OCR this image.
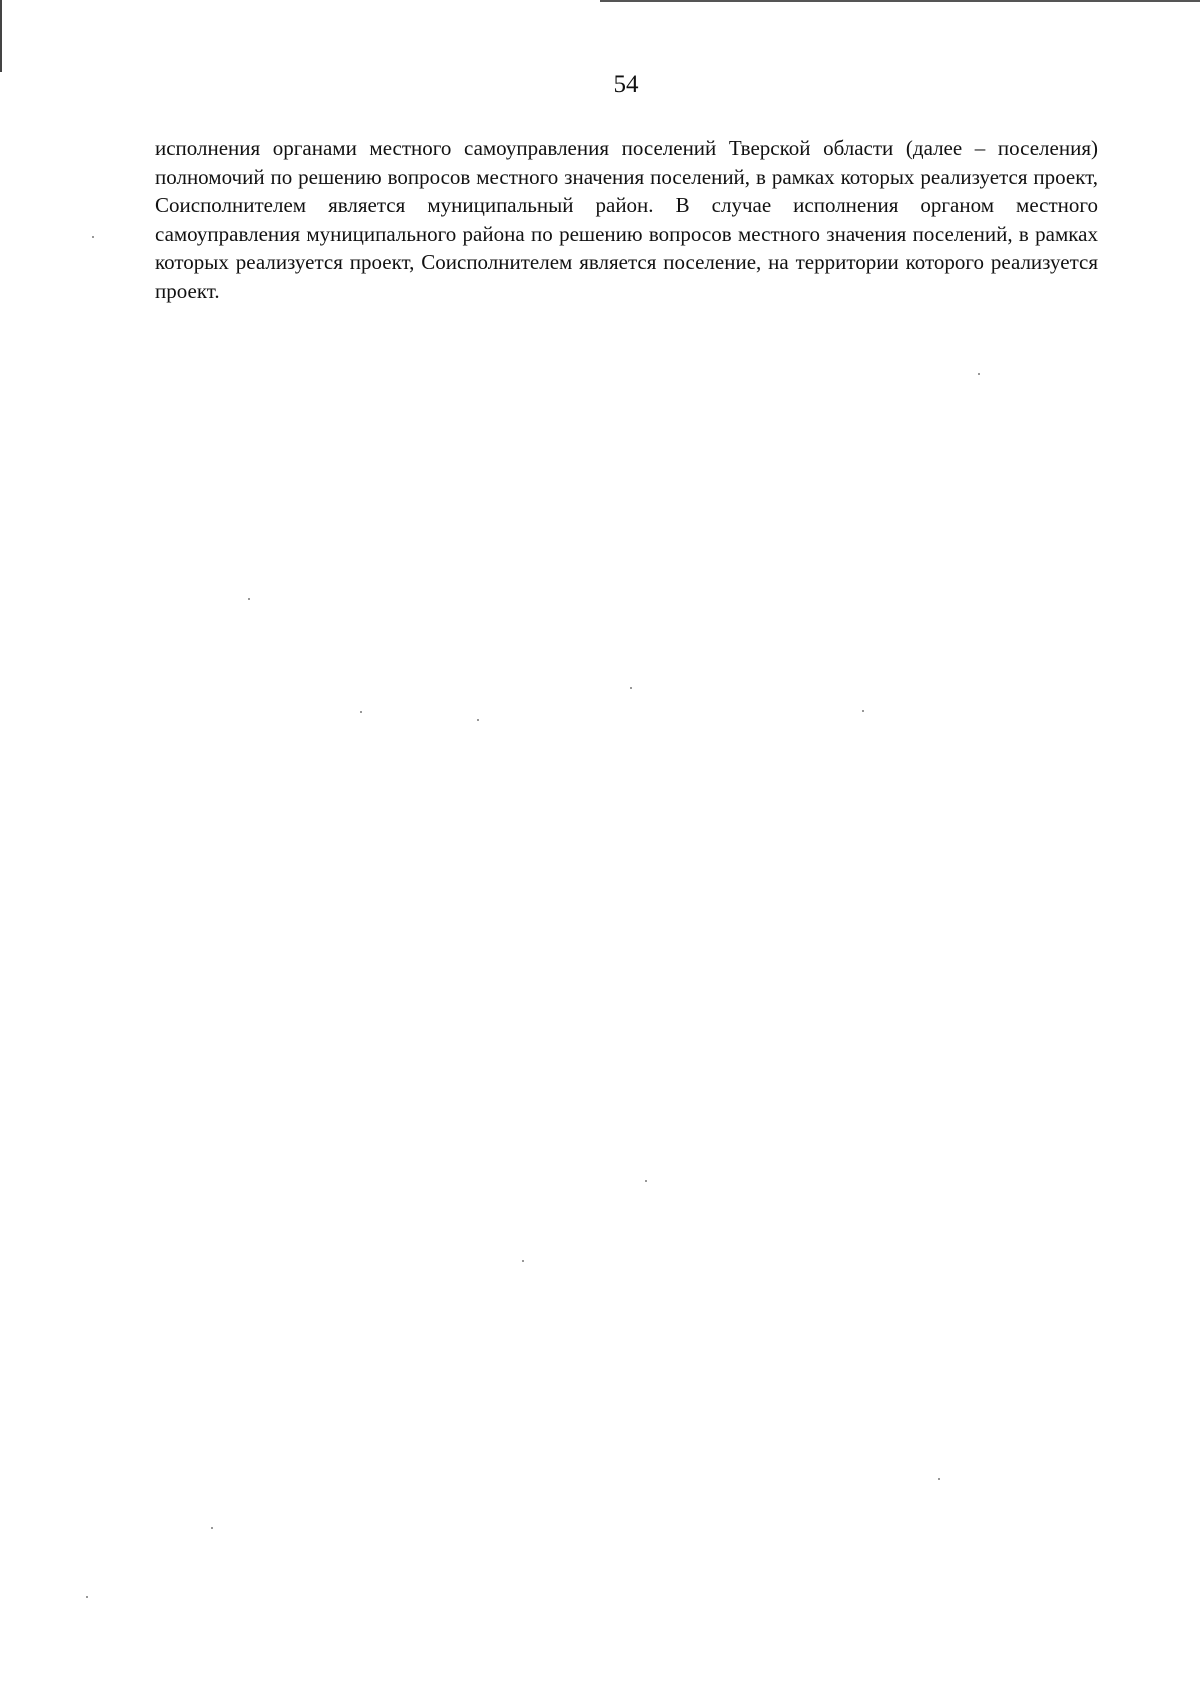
54

исполнения органами местного самоуправления поселений Тверской области (далее – поселения) полномочий по решению вопросов местного значения поселений, в рамках которых реализуется проект, Соисполнителем является муниципальный район. В случае исполнения органом местного самоуправления муниципального района по решению вопросов местного значения поселений, в рамках которых реализуется проект, Соисполнителем является поселение, на территории которого реализуется проект.
